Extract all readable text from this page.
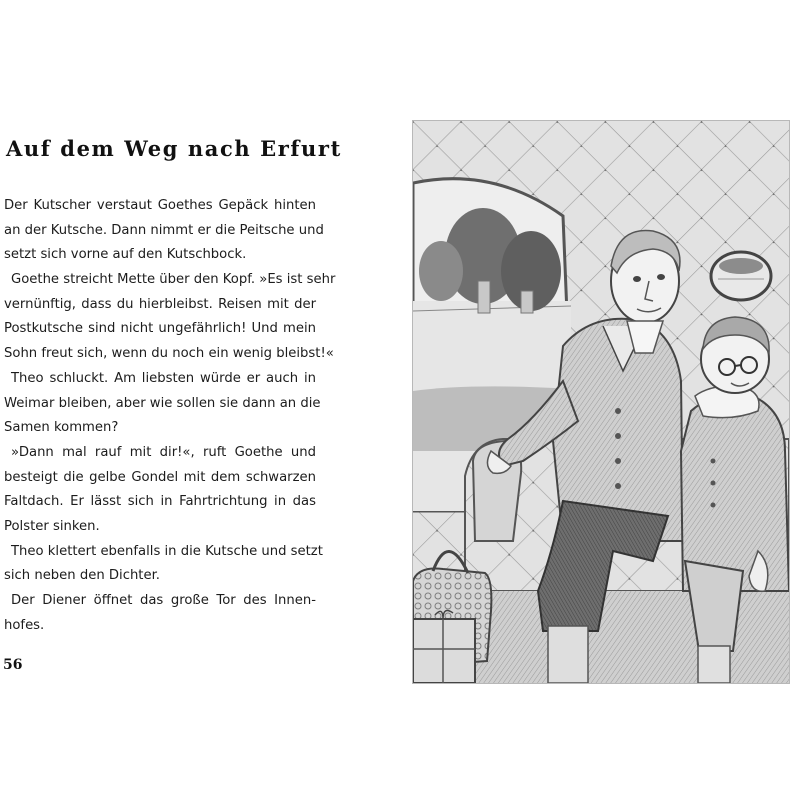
Auf dem Weg nach Erfurt
Der Kutscher verstaut Goethes Gepäck hinten
an der Kutsche. Dann nimmt er die Peitsche und
setzt sich vorne auf den Kutschbock.
Goethe streicht Mette über den Kopf. »Es ist sehr
vernünftig, dass du hierbleibst. Reisen mit der
Postkutsche sind nicht ungefährlich! Und mein
Sohn freut sich, wenn du noch ein wenig bleibst!«
Theo schluckt. Am liebsten würde er auch in
Weimar bleiben, aber wie sollen sie dann an die
Samen kommen?
»Dann mal rauf mit dir!«, ruft Goethe und
besteigt die gelbe Gondel mit dem schwarzen
Faltdach. Er lässt sich in Fahrtrichtung in das
Polster sinken.
Theo klettert ebenfalls in die Kutsche und setzt
sich neben den Dichter.
Der Diener öffnet das große Tor des Innen-
hofes.
56
